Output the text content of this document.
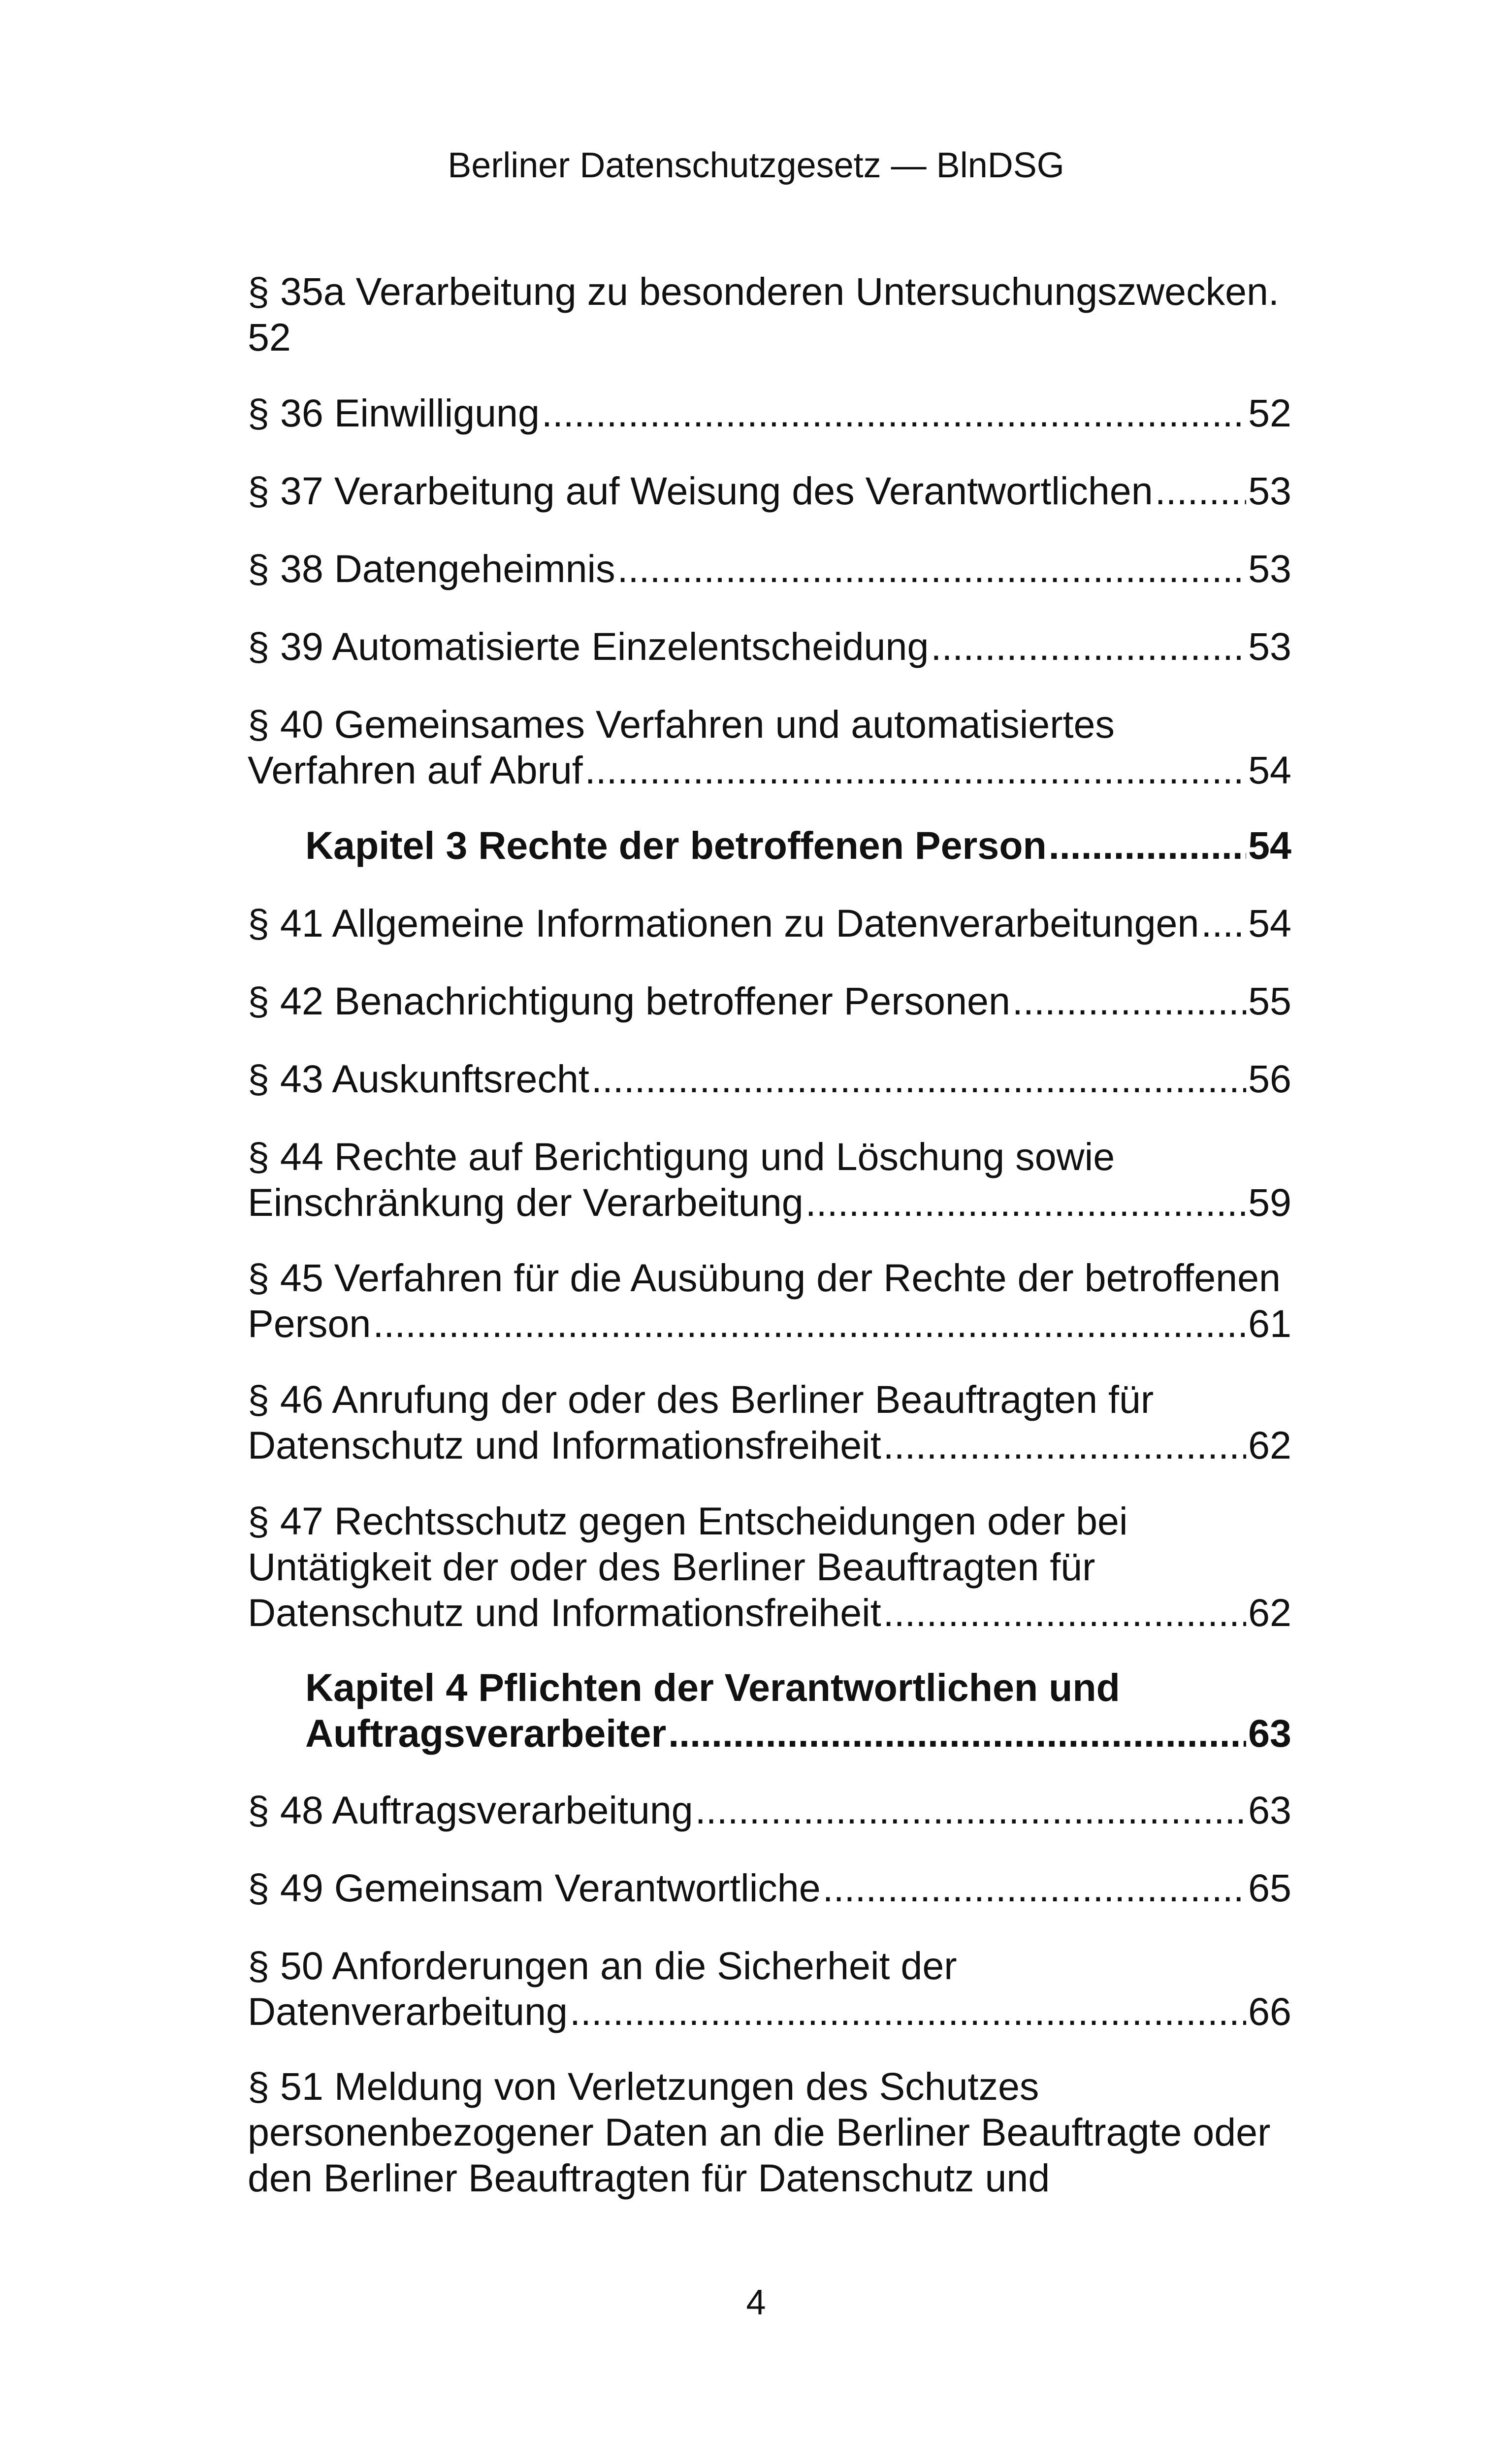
Berliner Datenschutzgesetz — BlnDSG
§ 35a Verarbeitung zu besonderen Untersuchungszwecken.
52
§ 36 Einwilligung .....	52
§ 37 Verarbeitung auf Weisung des Verantwortlichen ..... 53
§ 38 Datengeheimnis .....	53
§ 39 Automatisierte Einzelentscheidung .....	53
§ 40 Gemeinsames Verfahren und automatisiertes
Verfahren auf Abruf .....	54
Kapitel 3 Rechte der betroffenen Person .....	54
§ 41 Allgemeine Informationen zu Datenverarbeitungen ..... 54
§ 42 Benachrichtigung betroffener Personen .....	55
§ 43 Auskunftsrecht .....	56
§ 44 Rechte auf Berichtigung und Löschung sowie
Einschränkung der Verarbeitung .....	59
§ 45 Verfahren für die Ausübung der Rechte der betroffenen
Person .....	61
§ 46 Anrufung der oder des Berliner Beauftragten für
Datenschutz und Informationsfreiheit .....	62
§ 47 Rechtsschutz gegen Entscheidungen oder bei
Untätigkeit der oder des Berliner Beauftragten für
Datenschutz und Informationsfreiheit .....	62
Kapitel 4 Pflichten der Verantwortlichen und
Auftragsverarbeiter .....	63
§ 48 Auftragsverarbeitung .....	63
§ 49 Gemeinsam Verantwortliche .....	65
§ 50 Anforderungen an die Sicherheit der
Datenverarbeitung .....	66
§ 51 Meldung von Verletzungen des Schutzes
personenbezogener Daten an die Berliner Beauftragte oder
den Berliner Beauftragten für Datenschutz und
4
